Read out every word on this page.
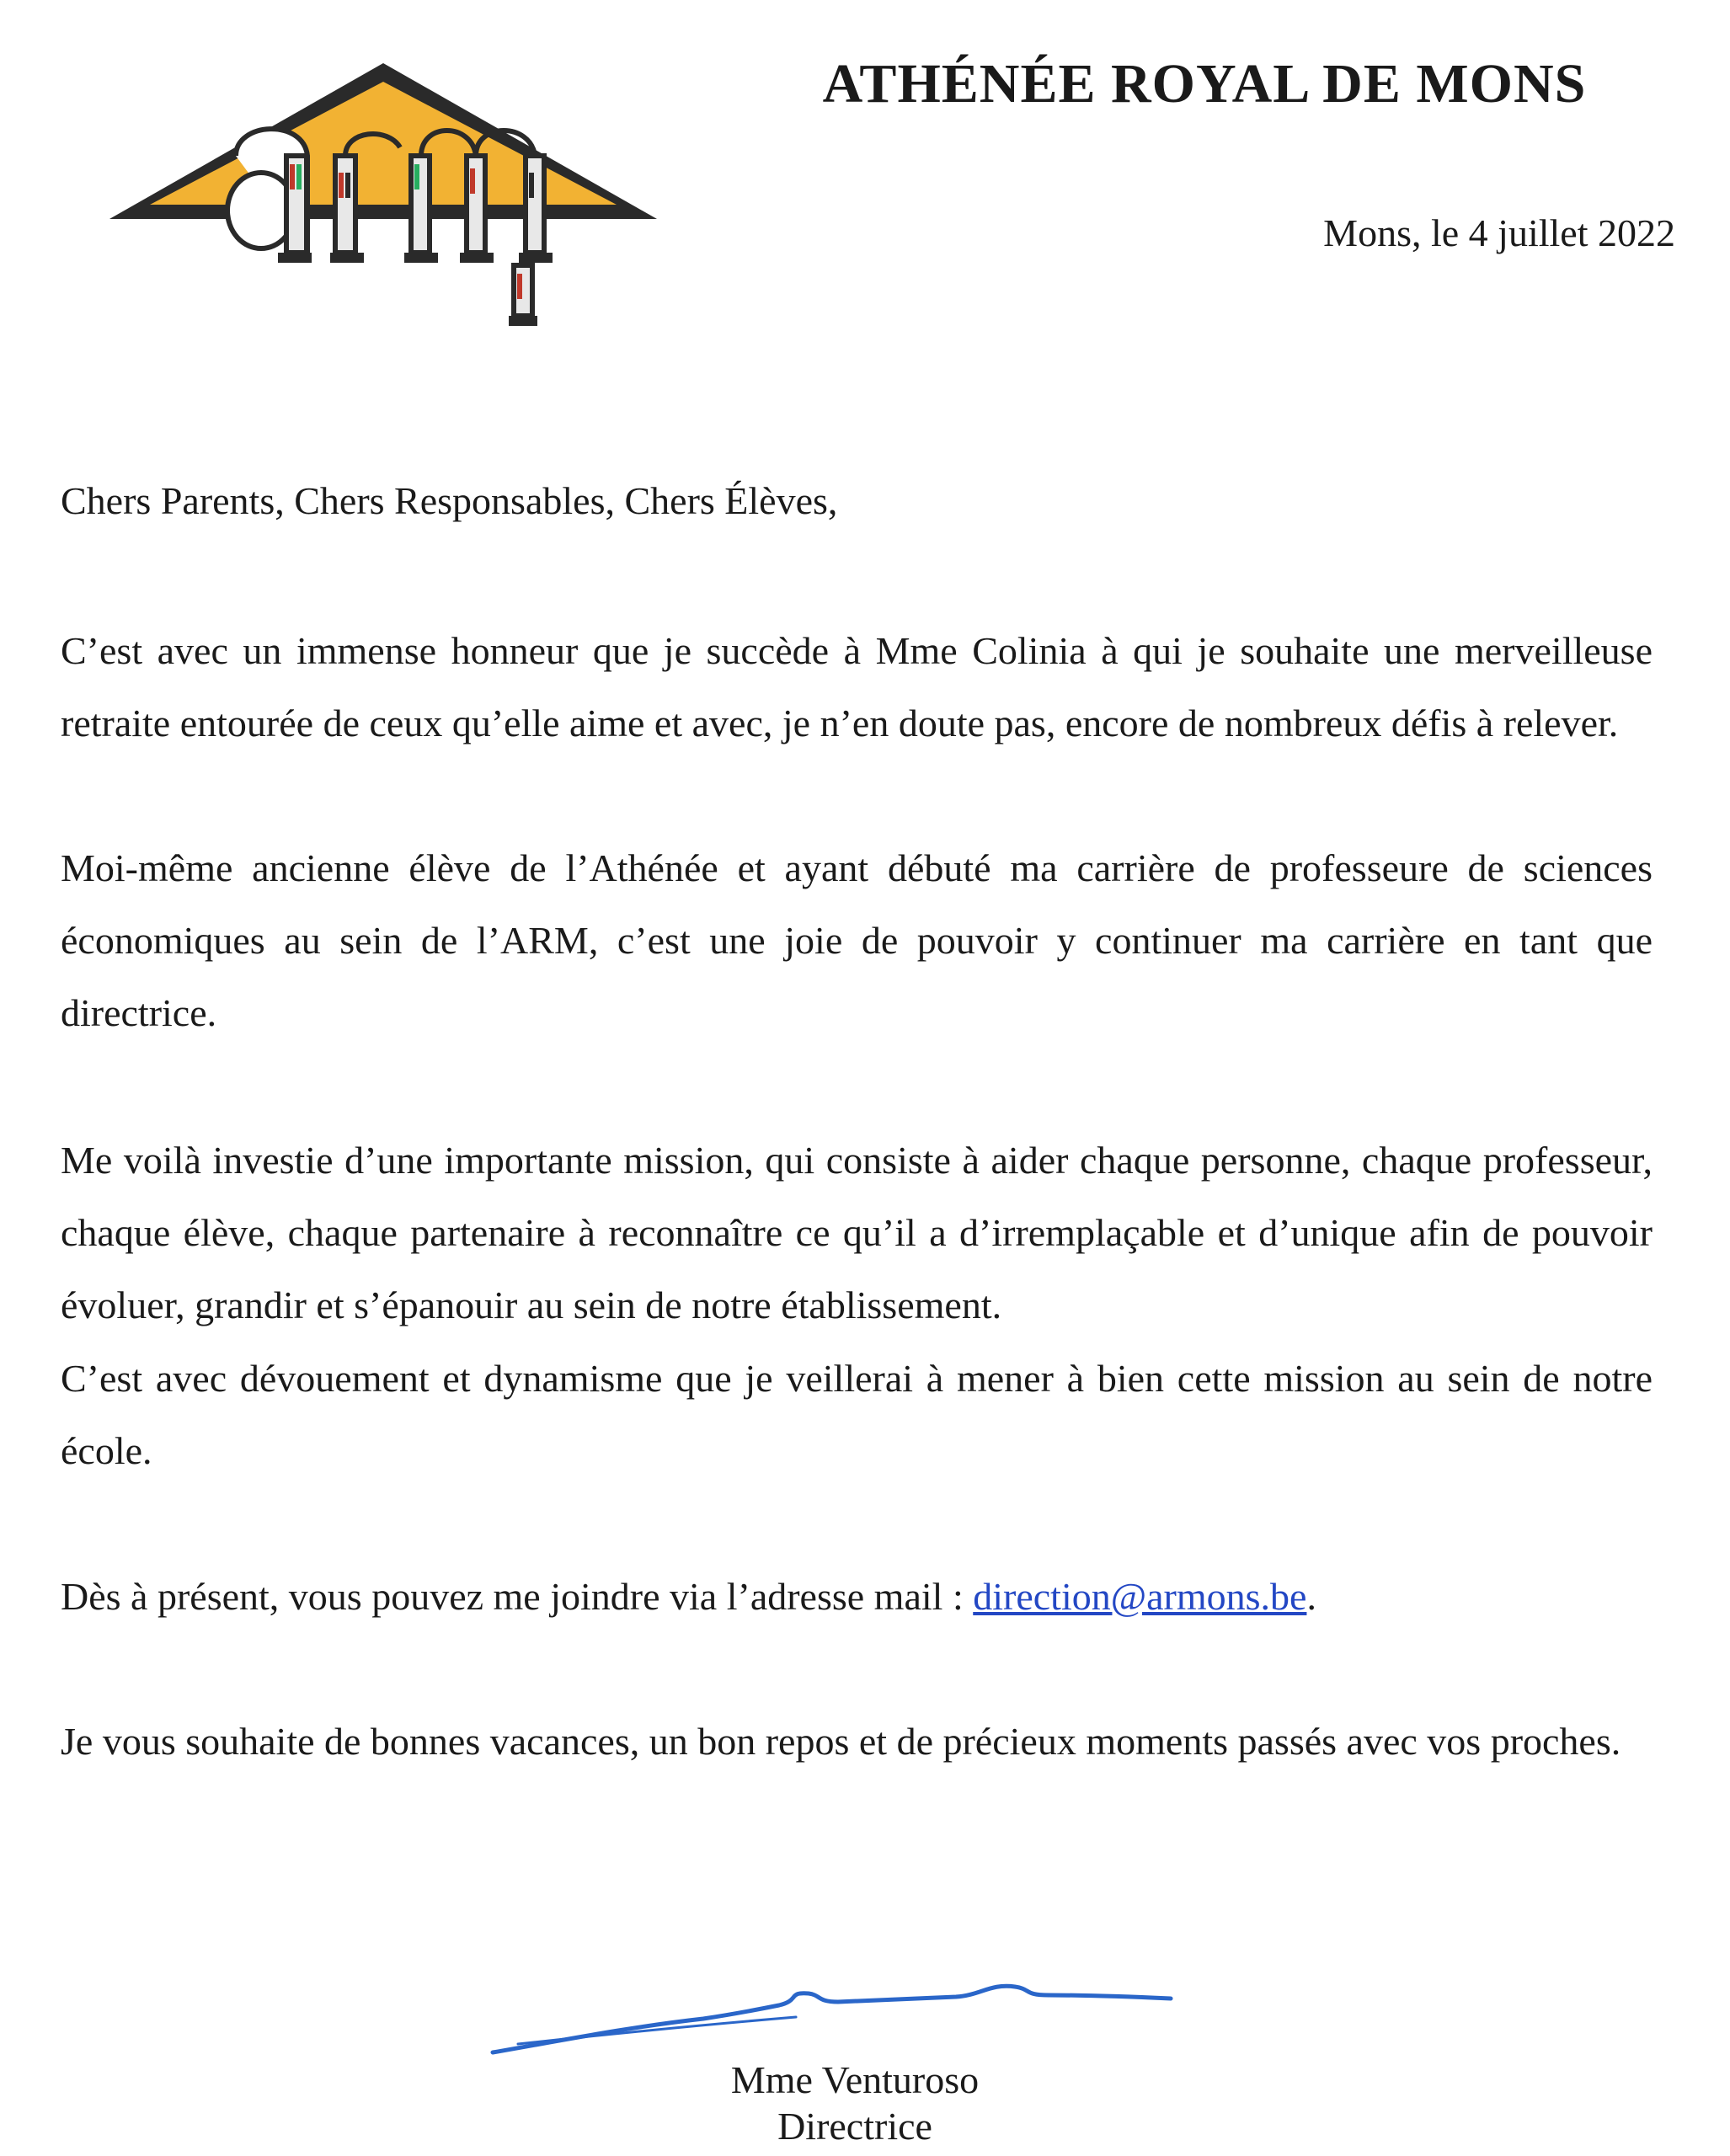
ATHÉNÉE ROYAL DE MONS
Mons, le 4 juillet 2022
Chers Parents, Chers Responsables, Chers Élèves,

C’est avec un immense honneur que je succède à Mme Colinia à qui je souhaite une merveilleuse retraite entourée de ceux qu’elle aime et avec, je n’en doute pas, encore de nombreux défis à relever.

Moi-même ancienne élève de l’Athénée et ayant débuté ma carrière de professeure de sciences économiques au sein de l’ARM, c’est une joie de pouvoir y continuer ma carrière en tant que directrice.

Me voilà investie d’une importante mission, qui consiste à aider chaque personne, chaque professeur, chaque élève, chaque partenaire à reconnaître ce qu’il a d’irremplaçable et d’unique afin de pouvoir évoluer, grandir et s’épanouir au sein de notre établissement.

C’est avec dévouement et dynamisme que je veillerai à mener à bien cette mission au sein de notre école.

Dès à présent, vous pouvez me joindre via l’adresse mail : direction@armons.be.

Je vous souhaite de bonnes vacances, un bon repos et de précieux moments passés avec vos proches.

Mme Venturoso
Directrice
